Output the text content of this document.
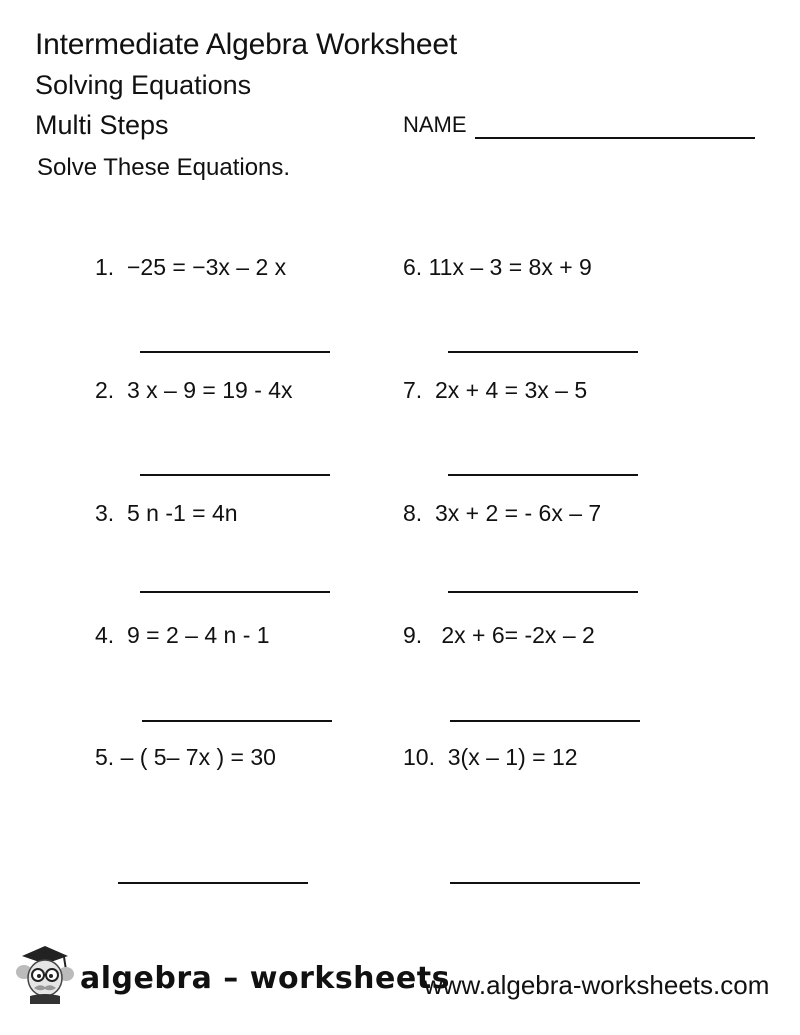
Intermediate Algebra Worksheet
Solving Equations
Multi Steps	NAME
Solve These Equations.
1. −25 = −3x – 2 x
2. 3 x – 9 = 19 - 4x
3. 5 n -1 = 4n
4. 9 = 2 – 4 n - 1
5. – ( 5– 7x ) = 30
6. 11x – 3 = 8x + 9
7. 2x + 4 = 3x – 5
8. 3x + 2 = - 6x – 7
9. 2x + 6= -2x – 2
10. 3(x – 1) = 12
algebra – worksheets
www.algebra-worksheets.com
